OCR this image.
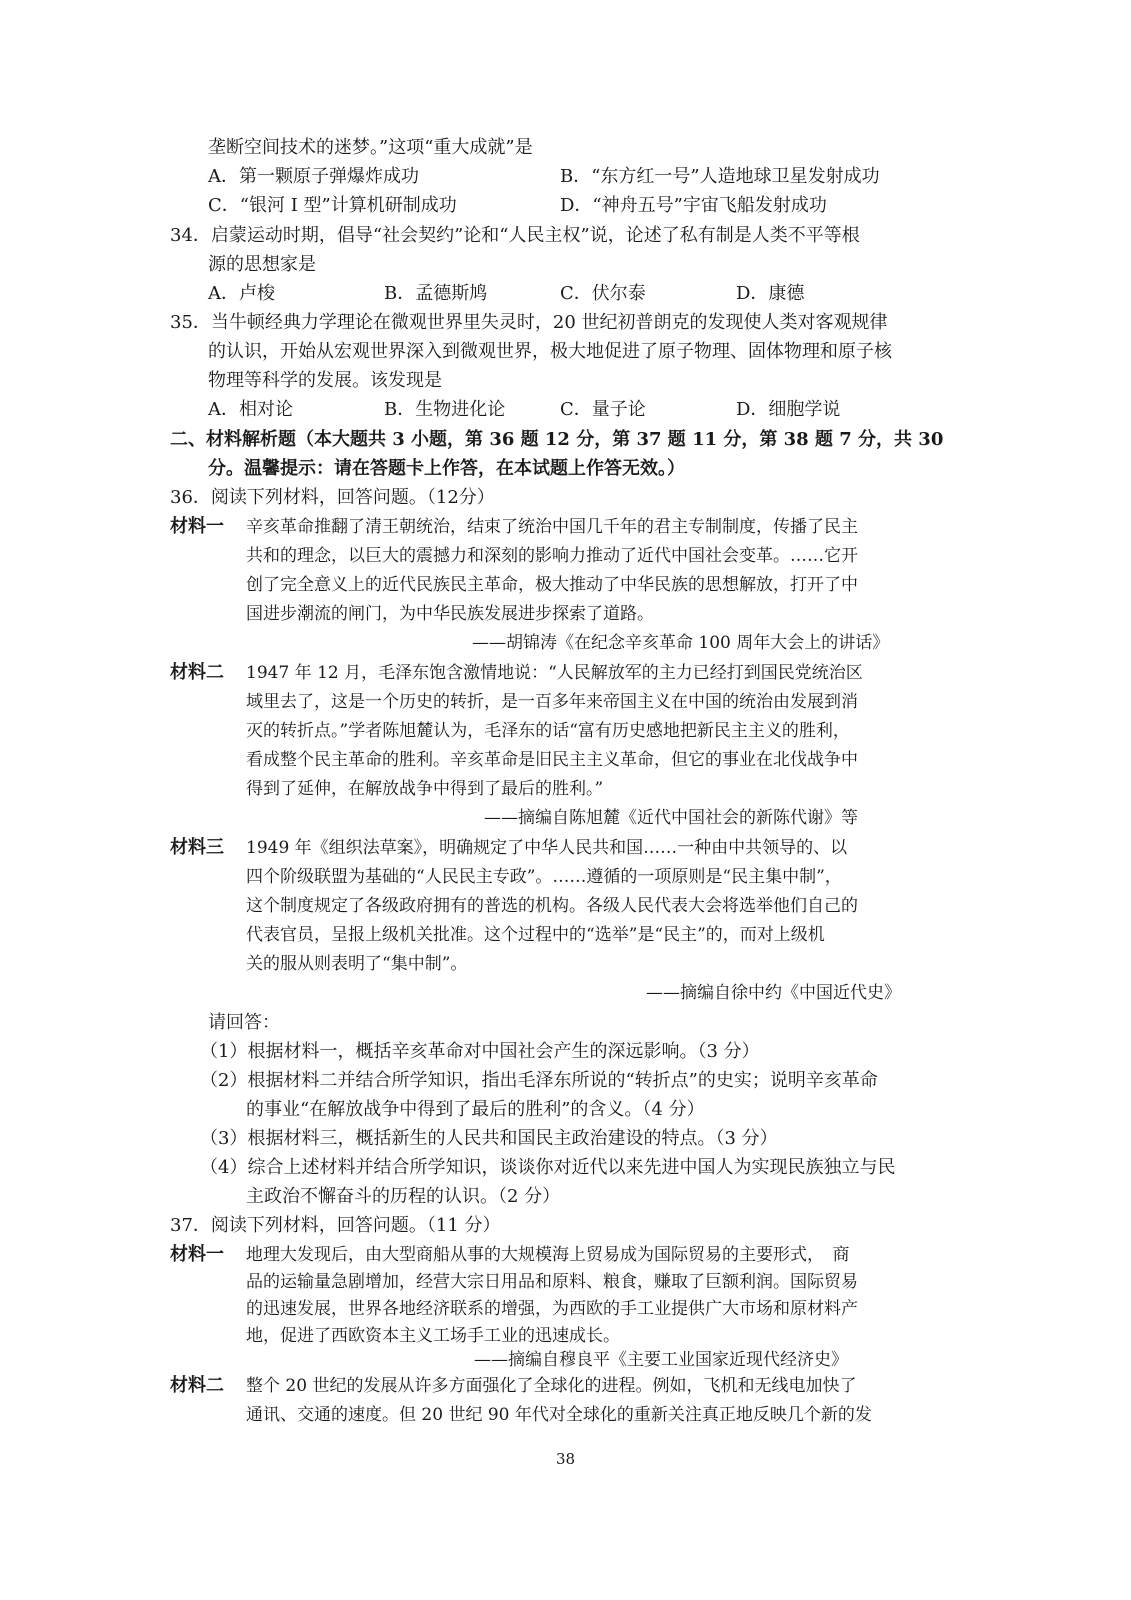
垄断空间技术的迷梦。”这项“重大成就”是
A．第一颗原子弹爆炸成功	B．“东方红一号”人造地球卫星发射成功
C．“银河 I 型”计算机研制成功	D．“神舟五号”宇宙飞船发射成功
34．启蒙运动时期，倡导“社会契约”论和“人民主权”说，论述了私有制是人类不平等根
源的思想家是
A．卢梭	B．孟德斯鸠	C．伏尔泰	D．康德
35．当牛顿经典力学理论在微观世界里失灵时，20 世纪初普朗克的发现使人类对客观规律
的认识，开始从宏观世界深入到微观世界，极大地促进了原子物理、固体物理和原子核
物理等科学的发展。该发现是
A．相对论	B．生物进化论	C．量子论	D．细胞学说
二、材料解析题（本大题共 3 小题，第 36 题 12 分，第 37 题 11 分，第 38 题 7 分，共 30
分。温馨提示：请在答题卡上作答，在本试题上作答无效。）
36．阅读下列材料，回答问题。（12分）
材料一 辛亥革命推翻了清王朝统治，结束了统治中国几千年的君主专制制度，传播了民主
共和的理念，以巨大的震撼力和深刻的影响力推动了近代中国社会变革。……它开
创了完全意义上的近代民族民主革命，极大推动了中华民族的思想解放，打开了中
国进步潮流的闸门，为中华民族发展进步探索了道路。
——胡锦涛《在纪念辛亥革命 100 周年大会上的讲话》
材料二 1947 年 12 月，毛泽东饱含激情地说：“人民解放军的主力已经打到国民党统治区
域里去了，这是一个历史的转折，是一百多年来帝国主义在中国的统治由发展到消
灭的转折点。”学者陈旭麓认为，毛泽东的话“富有历史感地把新民主主义的胜利，
看成整个民主革命的胜利。辛亥革命是旧民主主义革命，但它的事业在北伐战争中
得到了延伸，在解放战争中得到了最后的胜利。”
——摘编自陈旭麓《近代中国社会的新陈代谢》等
材料三 1949 年《组织法草案》，明确规定了中华人民共和国……一种由中共领导的、以
四个阶级联盟为基础的“人民民主专政”。……遵循的一项原则是“民主集中制”，
这个制度规定了各级政府拥有的普选的机构。各级人民代表大会将选举他们自己的
代表官员，呈报上级机关批准。这个过程中的“选举”是“民主”的，而对上级机
关的服从则表明了“集中制”。
——摘编自徐中约《中国近代史》
请回答：
（1）根据材料一，概括辛亥革命对中国社会产生的深远影响。（3 分）
（2）根据材料二并结合所学知识，指出毛泽东所说的“转折点”的史实；说明辛亥革命
的事业“在解放战争中得到了最后的胜利”的含义。（4 分）
（3）根据材料三，概括新生的人民共和国民主政治建设的特点。（3 分）
（4）综合上述材料并结合所学知识，谈谈你对近代以来先进中国人为实现民族独立与民
主政治不懈奋斗的历程的认识。（2 分）
37．阅读下列材料，回答问题。（11 分）
材料一 地理大发现后，由大型商船从事的大规模海上贸易成为国际贸易的主要形式，　商
品的运输量急剧增加，经营大宗日用品和原料、粮食，赚取了巨额利润。国际贸易
的迅速发展，世界各地经济联系的增强，为西欧的手工业提供广大市场和原材料产
地，促进了西欧资本主义工场手工业的迅速成长。
——摘编自穆良平《主要工业国家近现代经济史》
材料二 整个 20 世纪的发展从许多方面强化了全球化的进程。例如，飞机和无线电加快了
通讯、交通的速度。但 20 世纪 90 年代对全球化的重新关注真正地反映几个新的发
38
